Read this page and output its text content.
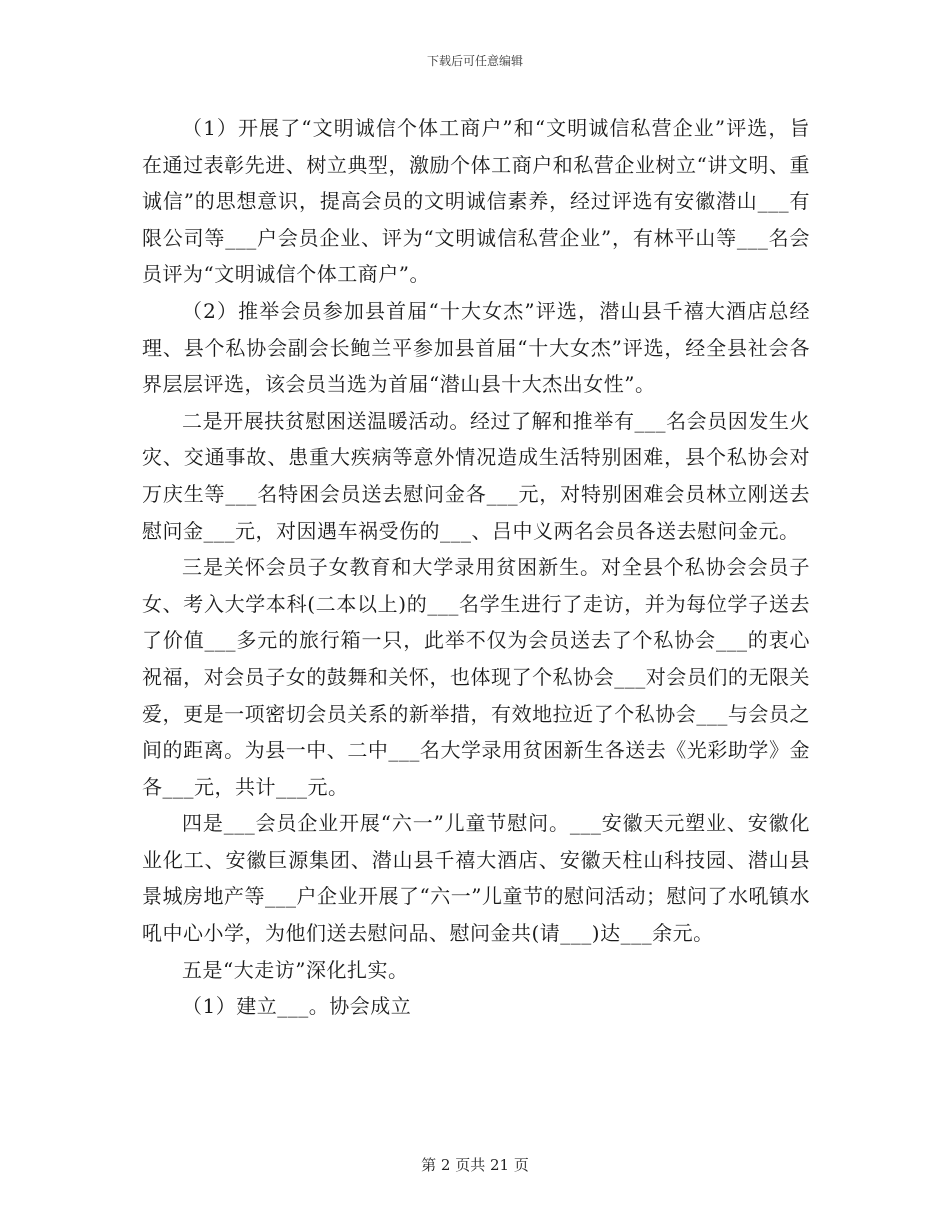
下载后可任意编辑

（1）开展了“文明诚信个体工商户”和“文明诚信私营企业”评选，旨在通过表彰先进、树立典型，激励个体工商户和私营企业树立“讲文明、重诚信”的思想意识，提高会员的文明诚信素养，经过评选有安徽潜山___有限公司等___户会员企业、评为“文明诚信私营企业”，有林平山等___名会员评为“文明诚信个体工商户”。

（2）推举会员参加县首届“十大女杰”评选，潜山县千禧大酒店总经理、县个私协会副会长鲍兰平参加县首届“十大女杰”评选，经全县社会各界层层评选，该会员当选为首届“潜山县十大杰出女性”。

二是开展扶贫慰困送温暖活动。经过了解和推举有___名会员因发生火灾、交通事故、患重大疾病等意外情况造成生活特别困难，县个私协会对万庆生等___名特困会员送去慰问金各___元，对特别困难会员林立刚送去慰问金___元，对因遇车祸受伤的___、吕中义两名会员各送去慰问金元。

三是关怀会员子女教育和大学录用贫困新生。对全县个私协会会员子女、考入大学本科(二本以上)的___名学生进行了走访，并为每位学子送去了价值___多元的旅行箱一只，此举不仅为会员送去了个私协会___的衷心祝福，对会员子女的鼓舞和关怀，也体现了个私协会___对会员们的无限关爱，更是一项密切会员关系的新举措，有效地拉近了个私协会___与会员之间的距离。为县一中、二中___名大学录用贫困新生各送去《光彩助学》金各___元，共计___元。

四是___会员企业开展“六一”儿童节慰问。___安徽天元塑业、安徽化业化工、安徽巨源集团、潜山县千禧大酒店、安徽天柱山科技园、潜山县景城房地产等___户企业开展了“六一”儿童节的慰问活动；慰问了水吼镇水吼中心小学，为他们送去慰问品、慰问金共(请___)达___余元。

五是“大走访”深化扎实。

（1）建立___。协会成立

第 2 页共 21 页
